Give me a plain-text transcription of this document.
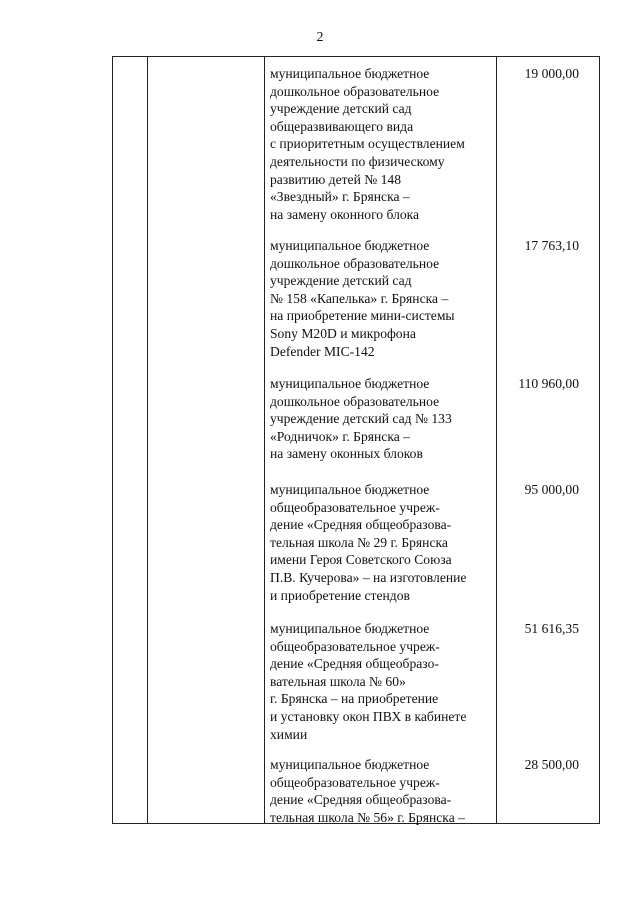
2
муниципальное бюджетное
дошкольное образовательное
учреждение детский сад
общеразвивающего вида
с приоритетным осуществлением
деятельности по физическому
развитию детей № 148
«Звездный» г. Брянска –
на замену оконного блока
19 000,00
муниципальное бюджетное
дошкольное образовательное
учреждение детский сад
№ 158 «Капелька» г. Брянска –
на приобретение мини-системы
Sony M20D и микрофона
Defender MIC-142
17 763,10
муниципальное бюджетное
дошкольное образовательное
учреждение детский сад № 133
«Родничок» г. Брянска –
на замену оконных блоков
110 960,00
муниципальное бюджетное
общеобразовательное учреж-
дение «Средняя общеобразова-
тельная школа № 29 г. Брянска
имени Героя Советского Союза
П.В. Кучерова» – на изготовление
и приобретение стендов
95 000,00
муниципальное бюджетное
общеобразовательное учреж-
дение «Средняя общеобразо-
вательная школа № 60»
г. Брянска – на приобретение
и установку окон ПВХ в кабинете
химии
51 616,35
муниципальное бюджетное
общеобразовательное учреж-
дение «Средняя общеобразова-
тельная школа № 56» г. Брянска –
28 500,00
